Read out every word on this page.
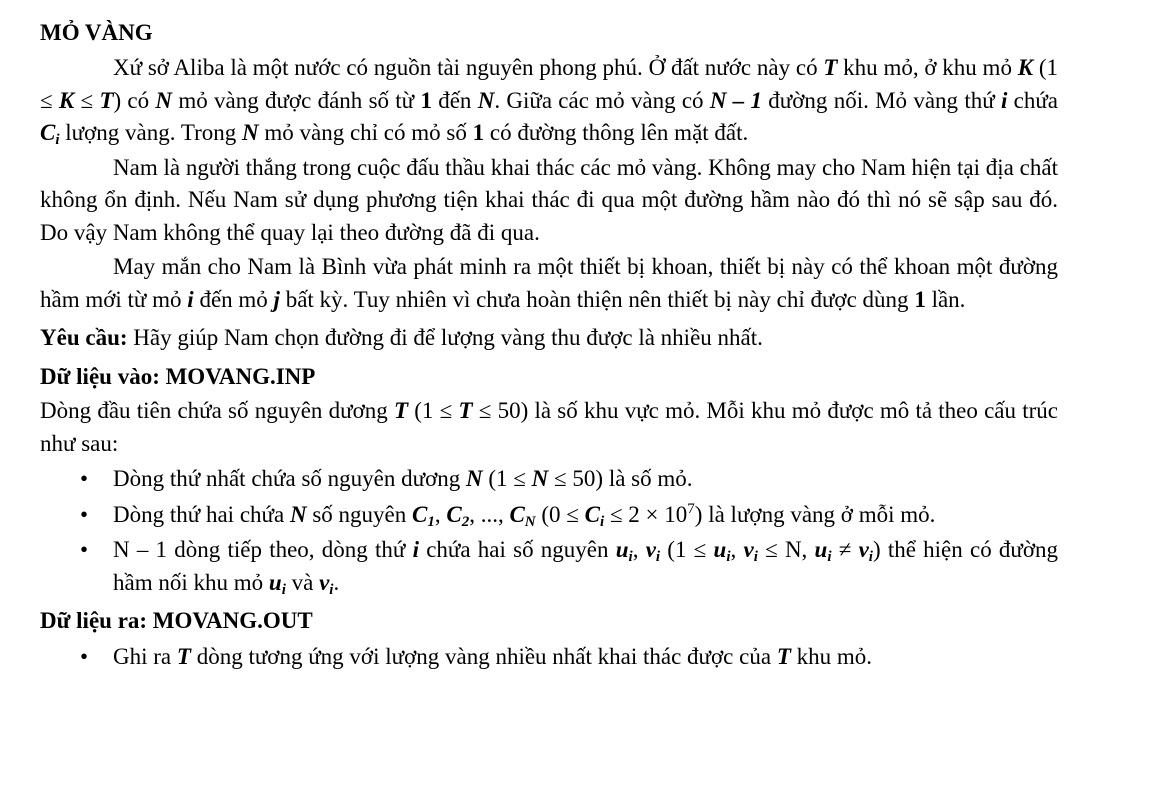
MỎ VÀNG

Xứ sở Aliba là một nước có nguồn tài nguyên phong phú. Ở đất nước này có T khu mỏ, ở khu mỏ K (1 ≤ K ≤ T) có N mỏ vàng được đánh số từ 1 đến N. Giữa các mỏ vàng có N – 1 đường nối. Mỏ vàng thứ i chứa $C_i$ lượng vàng. Trong N mỏ vàng chỉ có mỏ số 1 có đường thông lên mặt đất.

Nam là người thắng trong cuộc đấu thầu khai thác các mỏ vàng. Không may cho Nam hiện tại địa chất không ổn định. Nếu Nam sử dụng phương tiện khai thác đi qua một đường hầm nào đó thì nó sẽ sập sau đó. Do vậy Nam không thể quay lại theo đường đã đi qua.

May mắn cho Nam là Bình vừa phát minh ra một thiết bị khoan, thiết bị này có thể khoan một đường hầm mới từ mỏ i đến mỏ j bất kỳ. Tuy nhiên vì chưa hoàn thiện nên thiết bị này chỉ được dùng 1 lần.

Yêu cầu: Hãy giúp Nam chọn đường đi để lượng vàng thu được là nhiều nhất.

Dữ liệu vào: MOVANG.INP

Dòng đầu tiên chứa số nguyên dương T (1 ≤ T ≤ 50) là số khu vực mỏ. Mỗi khu mỏ được mô tả theo cấu trúc như sau:

• Dòng thứ nhất chứa số nguyên dương N (1 ≤ N ≤ 50) là số mỏ.
• Dòng thứ hai chứa N số nguyên $C_1$, $C_2$, ..., $C_N$ $(0 \le C_i \le 2 \times 10^7)$ là lượng vàng ở mỗi mỏ.
• N – 1 dòng tiếp theo, dòng thứ i chứa hai số nguyên $u_i$, $v_i$ ($1 \le u_i$, $v_i \le N$, $u_i \ne v_i$) thể hiện có đường hầm nối khu mỏ $u_i$ và $v_i$.

Dữ liệu ra: MOVANG.OUT

• Ghi ra T dòng tương ứng với lượng vàng nhiều nhất khai thác được của T khu mỏ.
